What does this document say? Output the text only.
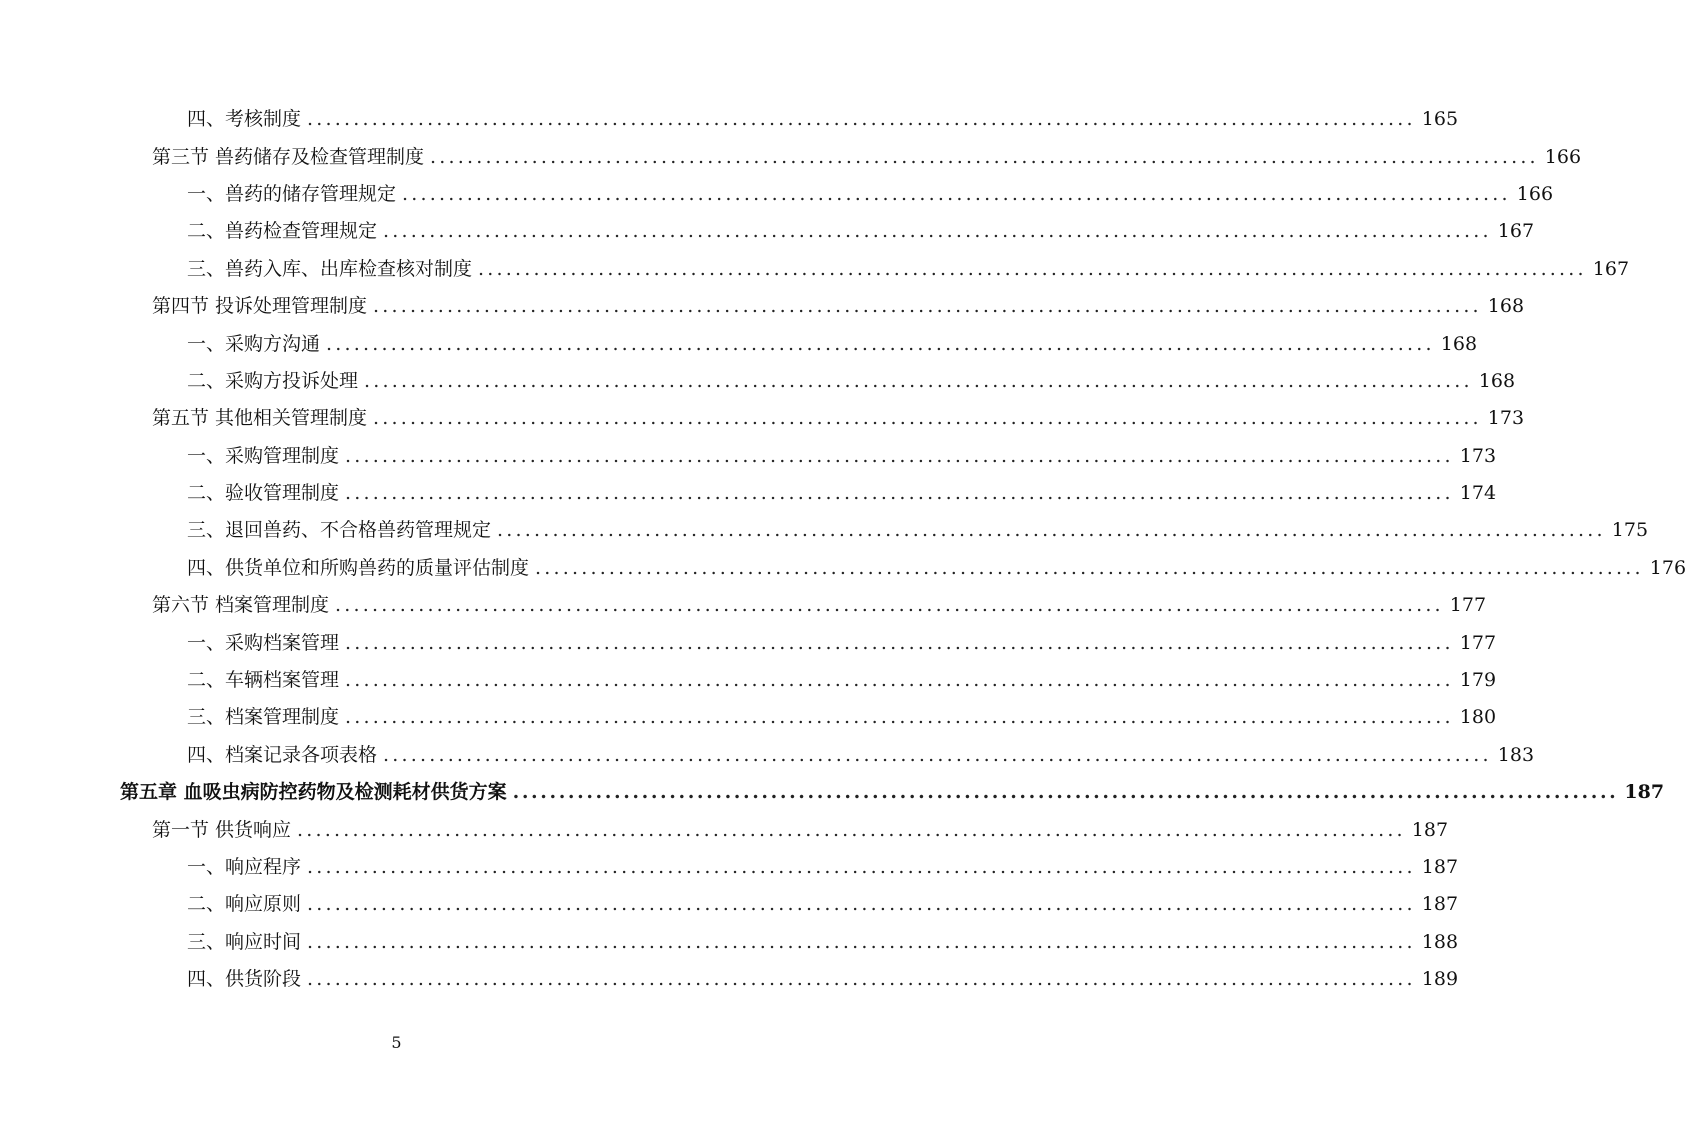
四、考核制度 ........................................................................................................................ 165
第三节 兽药储存及检查管理制度 ........................................................................................................................ 166
一、兽药的储存管理规定 ........................................................................................................................ 166
二、兽药检查管理规定 ........................................................................................................................ 167
三、兽药入库、出库检查核对制度 ........................................................................................................................ 167
第四节 投诉处理管理制度 ........................................................................................................................ 168
一、采购方沟通 ........................................................................................................................ 168
二、采购方投诉处理 ........................................................................................................................ 168
第五节 其他相关管理制度 ........................................................................................................................ 173
一、采购管理制度 ........................................................................................................................ 173
二、验收管理制度 ........................................................................................................................ 174
三、退回兽药、不合格兽药管理规定 ........................................................................................................................ 175
四、供货单位和所购兽药的质量评估制度 ........................................................................................................................ 176
第六节 档案管理制度 ........................................................................................................................ 177
一、采购档案管理 ........................................................................................................................ 177
二、车辆档案管理 ........................................................................................................................ 179
三、档案管理制度 ........................................................................................................................ 180
四、档案记录各项表格 ........................................................................................................................ 183
第五章 血吸虫病防控药物及检测耗材供货方案 ........................................................................................................................ 187
第一节 供货响应 ........................................................................................................................ 187
一、响应程序 ........................................................................................................................ 187
二、响应原则 ........................................................................................................................ 187
三、响应时间 ........................................................................................................................ 188
四、供货阶段 ........................................................................................................................ 189
5
